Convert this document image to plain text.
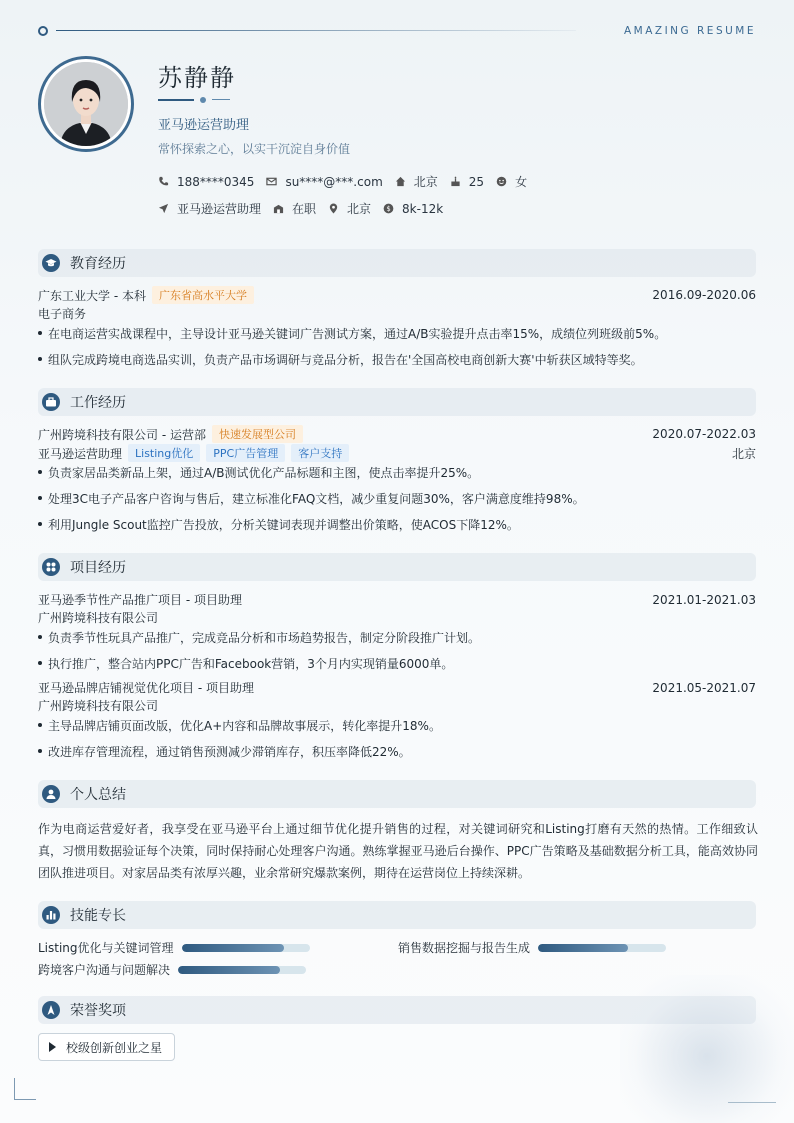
AMAZING RESUME
苏静静
亚马逊运营助理
常怀探索之心，以实干沉淀自身价值
188****0345	su****@***.com	北京	25	女
亚马逊运营助理	在职	北京 $ 8k-12k
教育经历
广东工业大学 - 本科	广东省高水平大学	2016.09-2020.06
电子商务
在电商运营实战课程中，主导设计亚马逊关键词广告测试方案，通过A/B实验提升点击率15%，成绩位列班级前5%。
组队完成跨境电商选品实训，负责产品市场调研与竞品分析，报告在'全国高校电商创新大赛'中斩获区域特等奖。
工作经历
广州跨境科技有限公司 - 运营部	快速发展型公司	2020.07-2022.03
亚马逊运营助理	Listing优化	PPC广告管理	客户支持	北京
负责家居品类新品上架，通过A/B测试优化产品标题和主图，使点击率提升25%。
处理3C电子产品客户咨询与售后，建立标准化FAQ文档，减少重复问题30%，客户满意度维持98%。
利用Jungle Scout监控广告投放，分析关键词表现并调整出价策略，使ACOS下降12%。
项目经历
亚马逊季节性产品推广项目 - 项目助理	2021.01-2021.03
广州跨境科技有限公司
负责季节性玩具产品推广，完成竞品分析和市场趋势报告，制定分阶段推广计划。
执行推广，整合站内PPC广告和Facebook营销，3个月内实现销量6000单。
亚马逊品牌店铺视觉优化项目 - 项目助理	2021.05-2021.07
广州跨境科技有限公司
主导品牌店铺页面改版，优化A+内容和品牌故事展示，转化率提升18%。
改进库存管理流程，通过销售预测减少滞销库存，积压率降低22%。
个人总结
作为电商运营爱好者，我享受在亚马逊平台上通过细节优化提升销售的过程，对关键词研究和Listing打磨有天然的热情。工作细致认真，习惯用数据验证每个决策，同时保持耐心处理客户沟通。熟练掌握亚马逊后台操作、PPC广告策略及基础数据分析工具，能高效协同团队推进项目。对家居品类有浓厚兴趣，业余常研究爆款案例，期待在运营岗位上持续深耕。
技能专长
Listing优化与关键词管理	销售数据挖掘与报告生成
跨境客户沟通与问题解决
荣誉奖项
校级创新创业之星
